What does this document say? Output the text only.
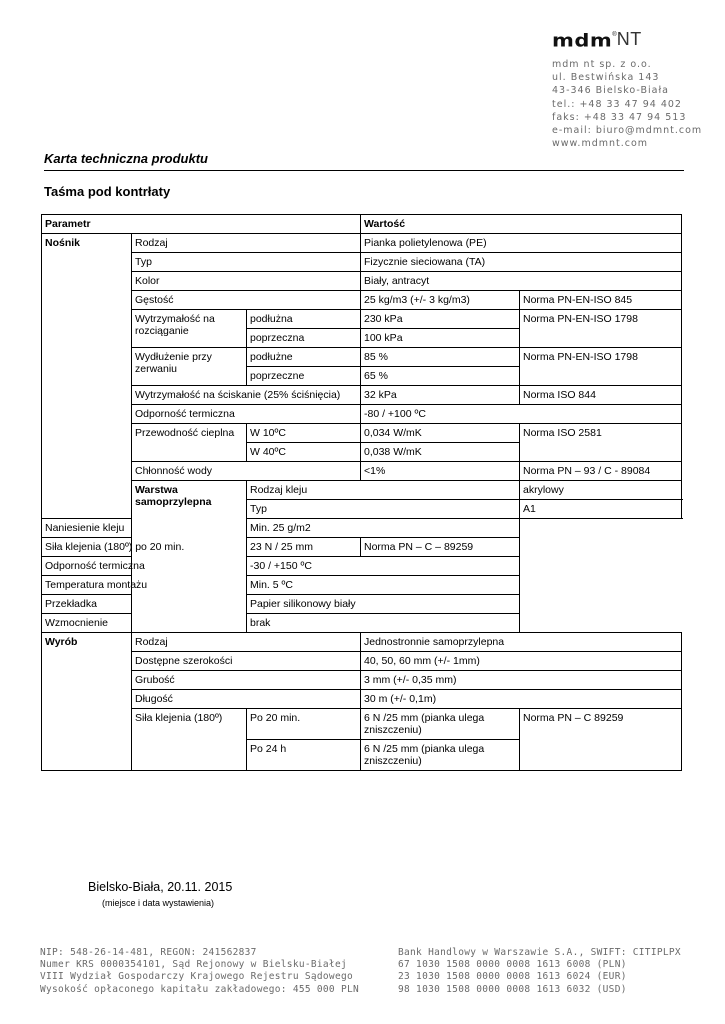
mdm ® NT
mdm nt sp. z o.o.
ul. Bestwińska 143
43-346 Bielsko-Biała
tel.: +48 33 47 94 402
faks: +48 33 47 94 513
e-mail: biuro@mdmnt.com
www.mdmnt.com
Karta techniczna produktu
Taśma pod kontrłaty
Parametr			Wartość	
Nośnik	Rodzaj		Pianka polietylenowa (PE)	
	Typ		Fizycznie sieciowana (TA)	
	Kolor		Biały, antracyt	
	Gęstość		25 kg/m3 (+/- 3 kg/m3)	Norma PN-EN-ISO 845
	Wytrzymałość na rozciąganie	podłużna	230 kPa	Norma PN-EN-ISO 1798
		poprzeczna	100 kPa	
	Wydłużenie przy zerwaniu	podłużne	85 %	Norma PN-EN-ISO 1798
		poprzeczne	65 %	
	Wytrzymałość na ściskanie (25% ściśnięcia)		32 kPa	Norma ISO 844
	Odporność termiczna		-80 / +100 ºC	
	Przewodność cieplna	W 10ºC	0,034 W/mK	Norma ISO 2581
		W 40ºC	0,038 W/mK	
	Chłonność wody		<1%	Norma PN – 93 / C - 89084
	Warstwa samoprzylepna	Rodzaj kleju		akrylowy
		Typ		A1
Naniesienie kleju		Min. 25 g/m2		
Siła klejenia (180º) po 20 min.		23 N / 25 mm	Norma PN – C – 89259	
Odporność termiczna		-30 / +150 ºC		
Temperatura montażu		Min. 5 ºC		
Przekładka		Papier silikonowy biały		
Wzmocnienie		brak		
Wyrób	Rodzaj		Jednostronnie samoprzylepna	
	Dostępne szerokości		40, 50, 60 mm (+/- 1mm)	
	Grubość		3 mm (+/- 0,35 mm)	
	Długość		30 m (+/- 0,1m)	
	Siła klejenia (180º)	Po 20 min.	6 N /25 mm (pianka ulega zniszczeniu)	Norma PN – C 89259
		Po 24 h	6 N /25 mm (pianka ulega zniszczeniu)	
Bielsko-Biała, 20.11. 2015
(miejsce i data wystawienia)
NIP: 548-26-14-481, REGON: 241562837
Numer KRS 0000354101, Sąd Rejonowy w Bielsku-Białej
VIII Wydział Gospodarczy Krajowego Rejestru Sądowego
Wysokość opłaconego kapitału zakładowego: 455 000 PLN
Bank Handlowy w Warszawie S.A., SWIFT: CITIPLPX
67 1030 1508 0000 0008 1613 6008 (PLN)
23 1030 1508 0000 0008 1613 6024 (EUR)
98 1030 1508 0000 0008 1613 6032 (USD)
